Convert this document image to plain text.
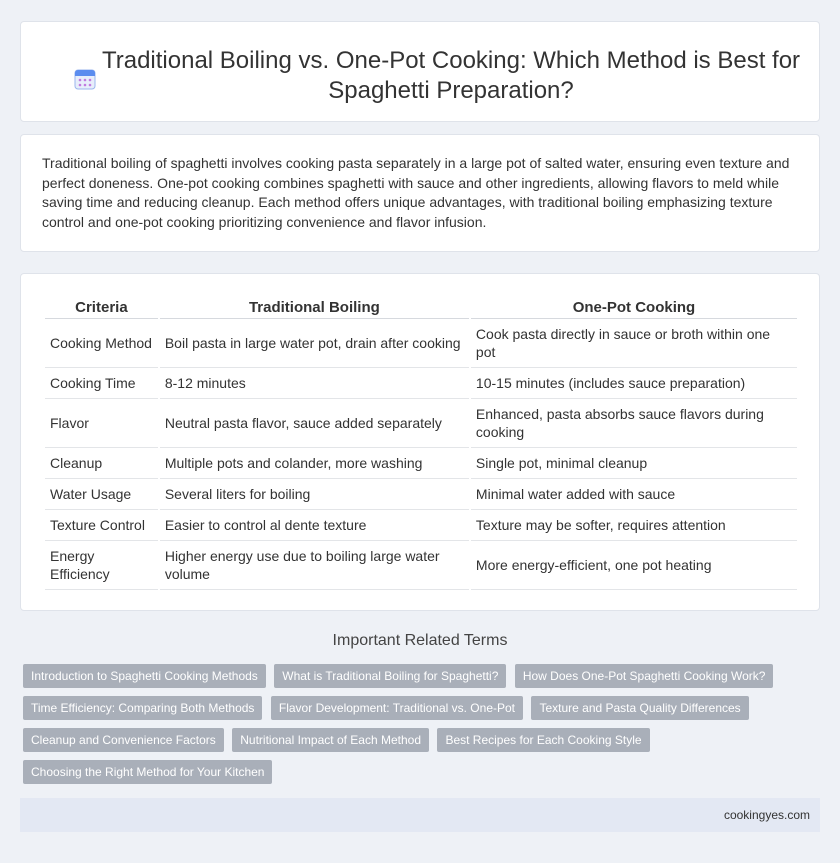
Traditional Boiling vs. One-Pot Cooking: Which Method is Best for Spaghetti Preparation?

Traditional boiling of spaghetti involves cooking pasta separately in a large pot of salted water, ensuring even texture and perfect doneness. One-pot cooking combines spaghetti with sauce and other ingredients, allowing flavors to meld while saving time and reducing cleanup. Each method offers unique advantages, with traditional boiling emphasizing texture control and one-pot cooking prioritizing convenience and flavor infusion.

Criteria	Traditional Boiling	One-Pot Cooking
Cooking Method	Boil pasta in large water pot, drain after cooking	Cook pasta directly in sauce or broth within one pot
Cooking Time	8-12 minutes	10-15 minutes (includes sauce preparation)
Flavor	Neutral pasta flavor, sauce added separately	Enhanced, pasta absorbs sauce flavors during cooking
Cleanup	Multiple pots and colander, more washing	Single pot, minimal cleanup
Water Usage	Several liters for boiling	Minimal water added with sauce
Texture Control	Easier to control al dente texture	Texture may be softer, requires attention
Energy Efficiency	Higher energy use due to boiling large water volume	More energy-efficient, one pot heating
Important Related Terms
Introduction to Spaghetti Cooking Methods What is Traditional Boiling for Spaghetti? How Does One-Pot Spaghetti Cooking Work? Time Efficiency: Comparing Both Methods Flavor Development: Traditional vs. One-Pot Texture and Pasta Quality Differences Cleanup and Convenience Factors Nutritional Impact of Each Method Best Recipes for Each Cooking Style Choosing the Right Method for Your Kitchen
cookingyes.com
